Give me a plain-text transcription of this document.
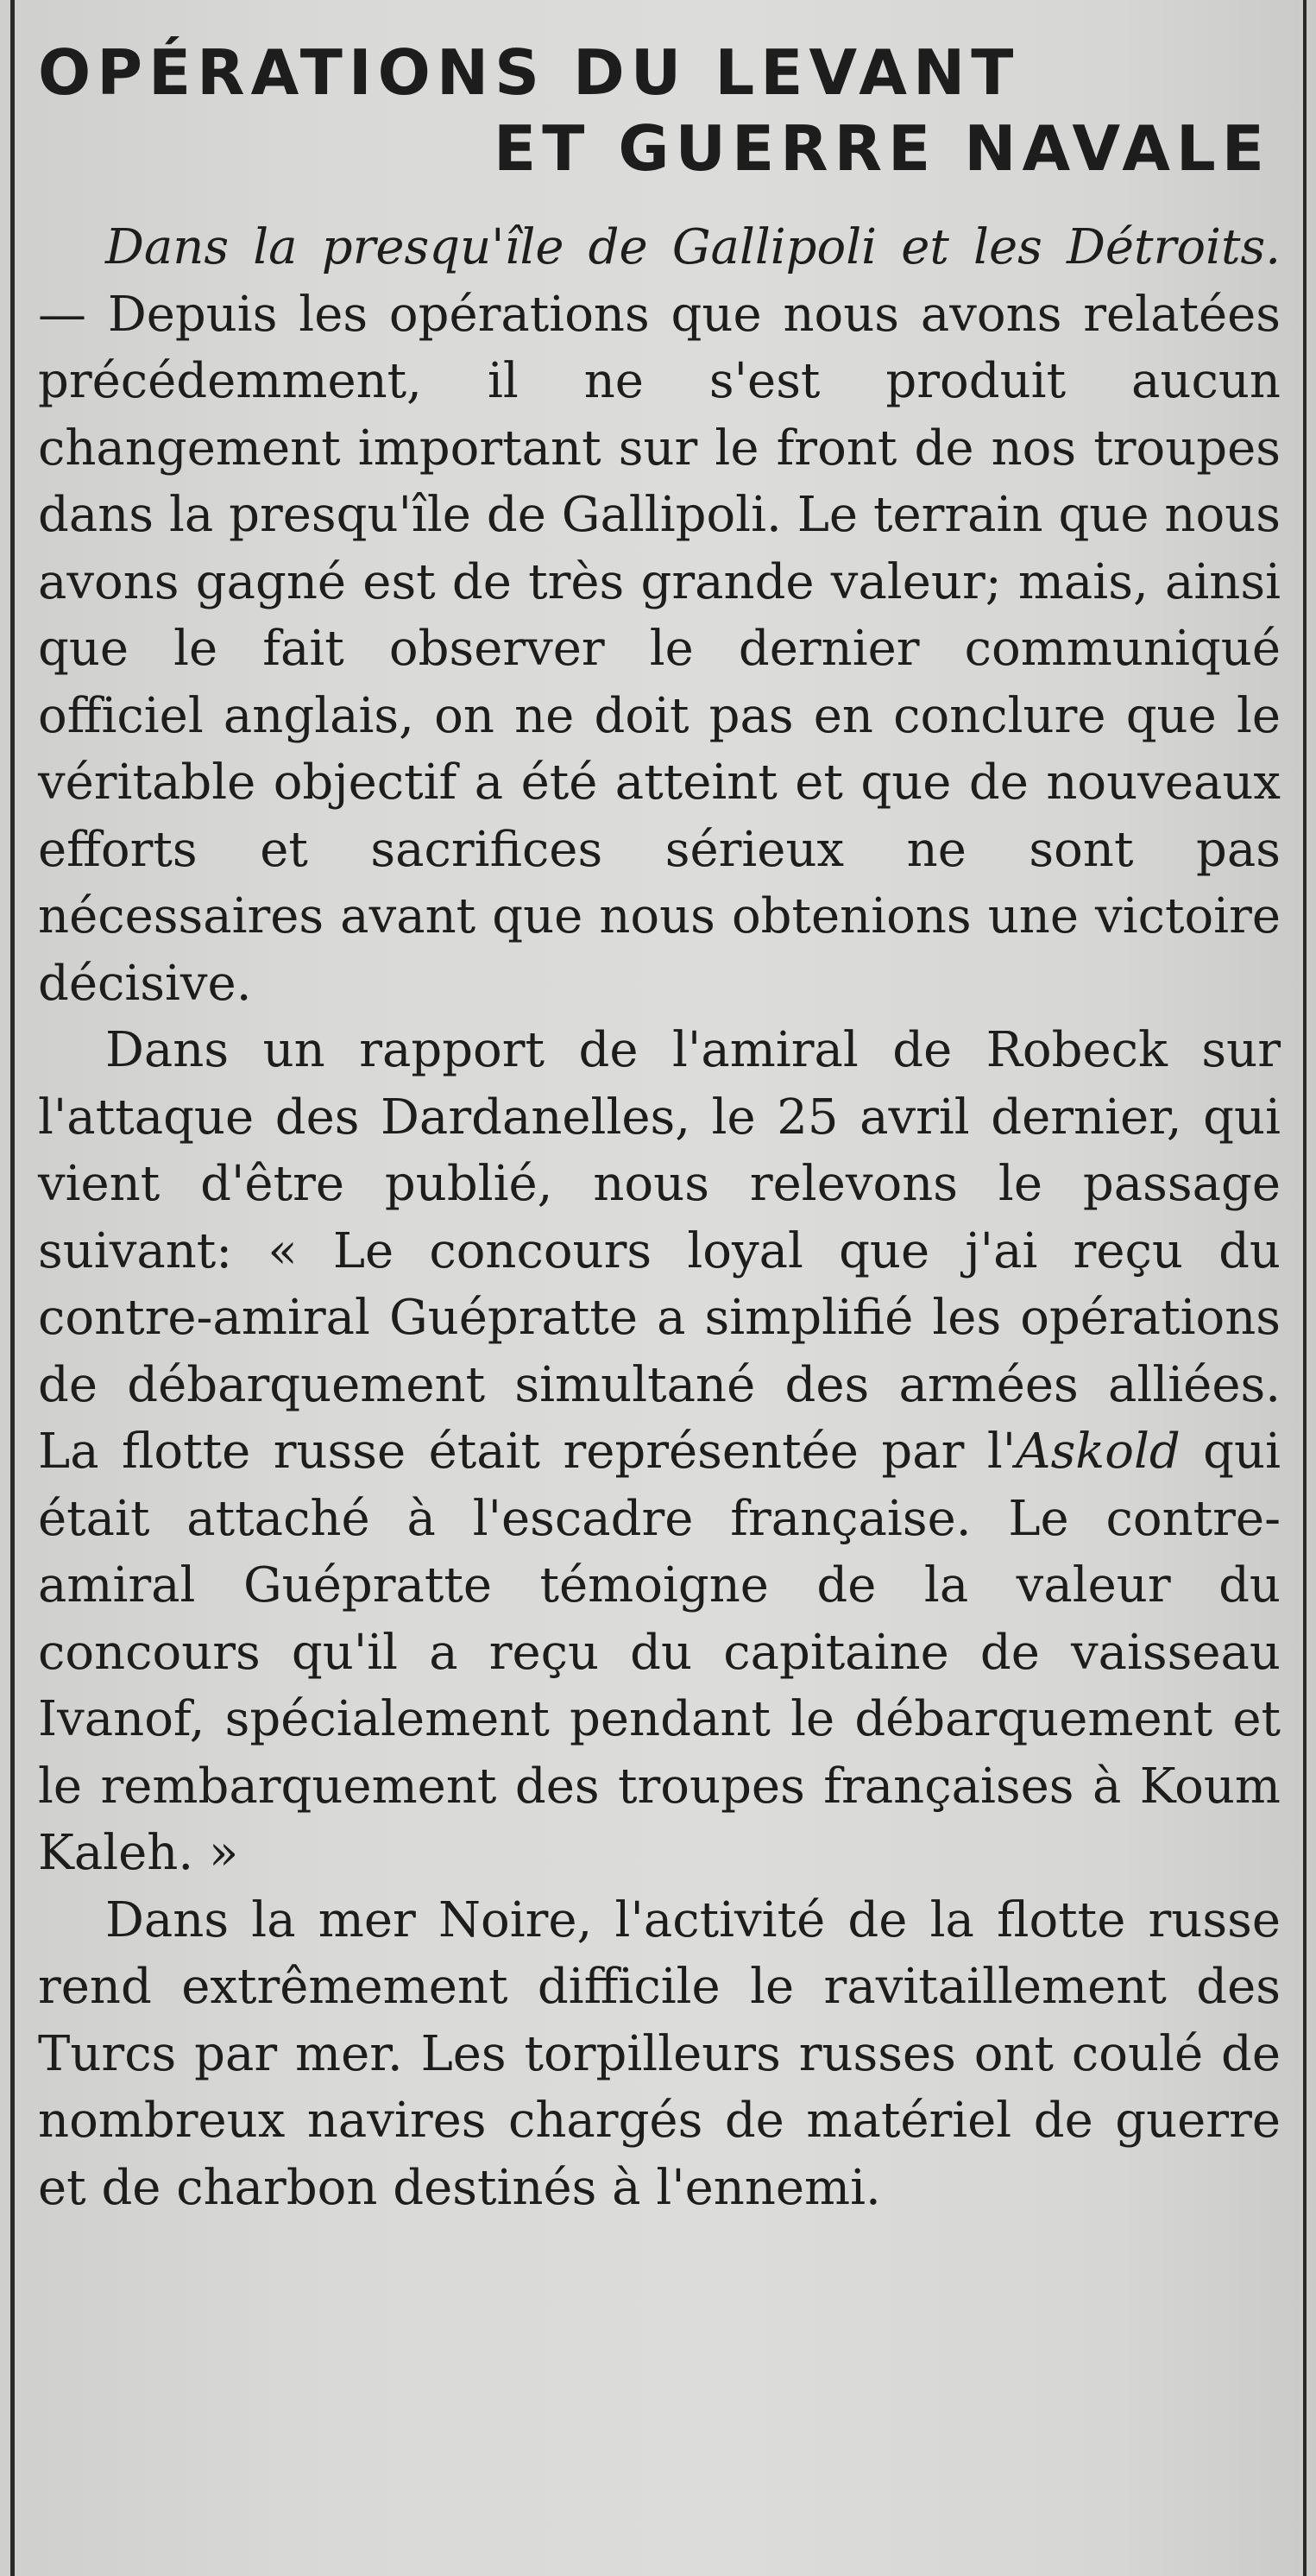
OPÉRATIONS DU LEVANT
ET GUERRE NAVALE

Dans la presqu'île de Gallipoli et les Détroits. — Depuis les opérations que nous avons relatées précédemment, il ne s'est produit aucun changement important sur le front de nos troupes dans la presqu'île de Gallipoli. Le terrain que nous avons gagné est de très grande valeur; mais, ainsi que le fait observer le dernier communiqué officiel anglais, on ne doit pas en conclure que le véritable objectif a été atteint et que de nouveaux efforts et sacrifices sérieux ne sont pas nécessaires avant que nous obtenions une victoire décisive.

Dans un rapport de l'amiral de Robeck sur l'attaque des Dardanelles, le 25 avril dernier, qui vient d'être publié, nous relevons le passage suivant: « Le concours loyal que j'ai reçu du contre-amiral Guépratte a simplifié les opérations de débarquement simultané des armées alliées. La flotte russe était représentée par l'Askold qui était attaché à l'escadre française. Le contre-amiral Guépratte témoigne de la valeur du concours qu'il a reçu du capitaine de vaisseau Ivanof, spécialement pendant le débarquement et le rembarquement des troupes françaises à Koum Kaleh. »

Dans la mer Noire, l'activité de la flotte russe rend extrêmement difficile le ravitaillement des Turcs par mer. Les torpilleurs russes ont coulé de nombreux navires chargés de matériel de guerre et de charbon destinés à l'ennemi.
